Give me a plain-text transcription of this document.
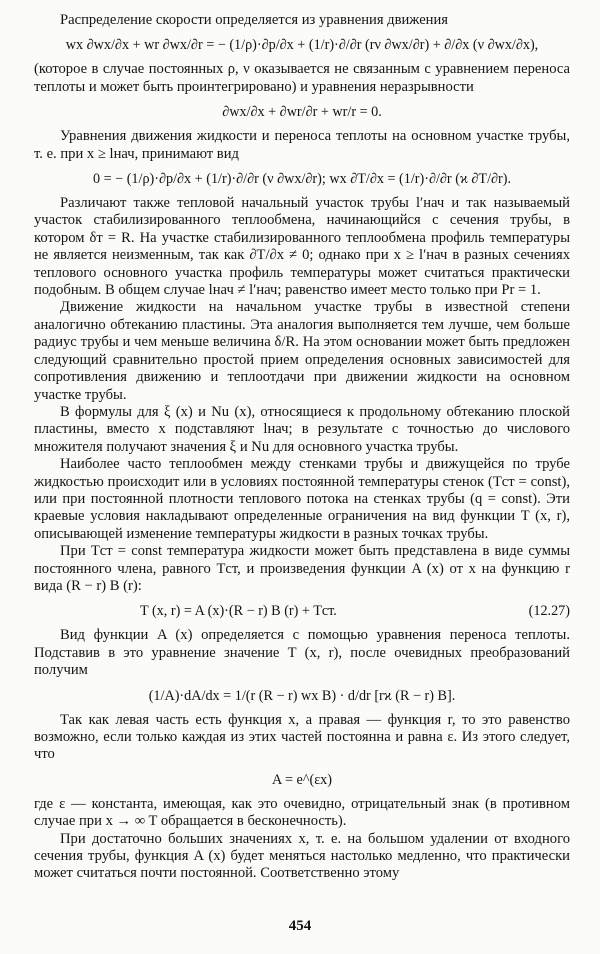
Распределение скорости определяется из уравнения движения

wx ∂wx/∂x + wr ∂wx/∂r = − (1/ρ)·∂p/∂x + (1/r)·∂/∂r (rν ∂wx/∂r) + ∂/∂x (ν ∂wx/∂x),

(которое в случае постоянных ρ, ν оказывается не связанным с уравнением переноса теплоты и может быть проинтегрировано) и уравнения неразрывности

∂wx/∂x + ∂wr/∂r + wr/r = 0.

Уравнения движения жидкости и переноса теплоты на основном участке трубы, т. е. при x ≥ lнач, принимают вид

0 = − (1/ρ)·∂p/∂x + (1/r)·∂/∂r (ν ∂wx/∂r); wx ∂T/∂x = (1/r)·∂/∂r (ϰ ∂T/∂r).

Различают также тепловой начальный участок трубы l′нач и так называемый участок стабилизированного теплообмена, начинающийся с сечения трубы, в котором δт = R. На участке стабилизированного теплообмена профиль температуры не является неизменным, так как ∂T/∂x ≠ 0; однако при x ≥ l′нач в разных сечениях теплового основного участка профиль температуры может считаться практически подобным. В общем случае lнач ≠ l′нач; равенство имеет место только при Pr = 1.

Движение жидкости на начальном участке трубы в известной степени аналогично обтеканию пластины. Эта аналогия выполняется тем лучше, чем больше радиус трубы и чем меньше величина δ/R. На этом основании может быть предложен следующий сравнительно простой прием определения основных зависимостей для сопротивления движению и теплоотдачи при движении жидкости на основном участке трубы.

В формулы для ξ (x) и Nu (x), относящиеся к продольному обтеканию плоской пластины, вместо x подставляют lнач; в результате с точностью до числового множителя получают значения ξ и Nu для основного участка трубы.

Наиболее часто теплообмен между стенками трубы и движущейся по трубе жидкостью происходит или в условиях постоянной температуры стенок (Tст = const), или при постоянной плотности теплового потока на стенках трубы (q = const). Эти краевые условия накладывают определенные ограничения на вид функции T (x, r), описывающей изменение температуры жидкости в разных точках трубы.

При Tст = const температура жидкости может быть представлена в виде суммы постоянного члена, равного Tст, и произведения функции A (x) от x на функцию r вида (R − r) B (r):

T (x, r) = A (x)·(R − r) B (r) + Tст.	(12.27)

Вид функции A (x) определяется с помощью уравнения переноса теплоты. Подставив в это уравнение значение T (x, r), после очевидных преобразований получим

(1/A)·dA/dx = 1/(r (R − r) wx B) · d/dr [rϰ (R − r) B].

Так как левая часть есть функция x, а правая — функция r, то это равенство возможно, если только каждая из этих частей постоянна и равна ε. Из этого следует, что

A = e^(εx)

где ε — константа, имеющая, как это очевидно, отрицательный знак (в противном случае при x → ∞ T обращается в бесконечность).

При достаточно больших значениях x, т. е. на большом удалении от входного сечения трубы, функция A (x) будет меняться настолько медленно, что практически может считаться почти постоянной. Соответственно этому

454
